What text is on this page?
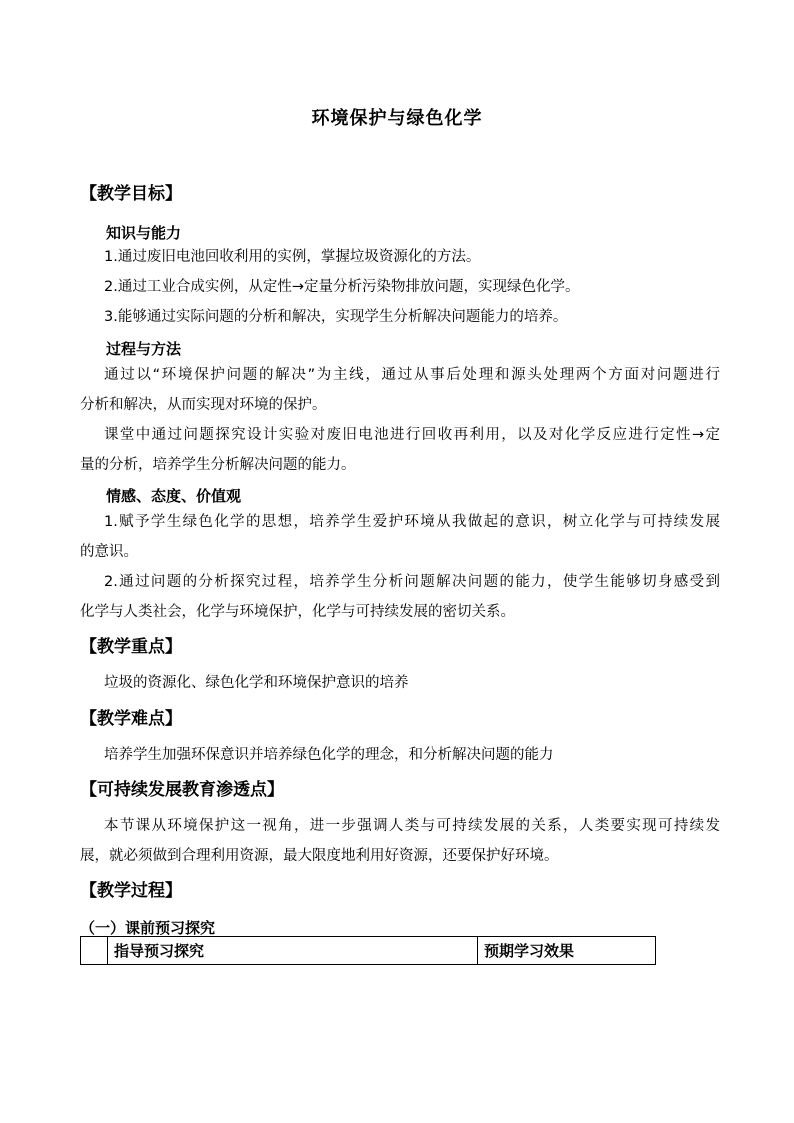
环境保护与绿色化学
【教学目标】
知识与能力
1.通过废旧电池回收利用的实例，掌握垃圾资源化的方法。
2.通过工业合成实例，从定性→定量分析污染物排放问题，实现绿色化学。
3.能够通过实际问题的分析和解决，实现学生分析解决问题能力的培养。
过程与方法
通过以“环境保护问题的解决”为主线，通过从事后处理和源头处理两个方面对问题进行
分析和解决，从而实现对环境的保护。
课堂中通过问题探究设计实验对废旧电池进行回收再利用，以及对化学反应进行定性→定
量的分析，培养学生分析解决问题的能力。
情感、态度、价值观
1.赋予学生绿色化学的思想，培养学生爱护环境从我做起的意识，树立化学与可持续发展
的意识。
2.通过问题的分析探究过程，培养学生分析问题解决问题的能力，使学生能够切身感受到
化学与人类社会，化学与环境保护，化学与可持续发展的密切关系。
【教学重点】
垃圾的资源化、绿色化学和环境保护意识的培养
【教学难点】
培养学生加强环保意识并培养绿色化学的理念，和分析解决问题的能力
【可持续发展教育渗透点】
本节课从环境保护这一视角，进一步强调人类与可持续发展的关系，人类要实现可持续发
展，就必须做到合理利用资源，最大限度地利用好资源，还要保护好环境。
【教学过程】
（一）课前预习探究
	指导预习探究	预期学习效果
